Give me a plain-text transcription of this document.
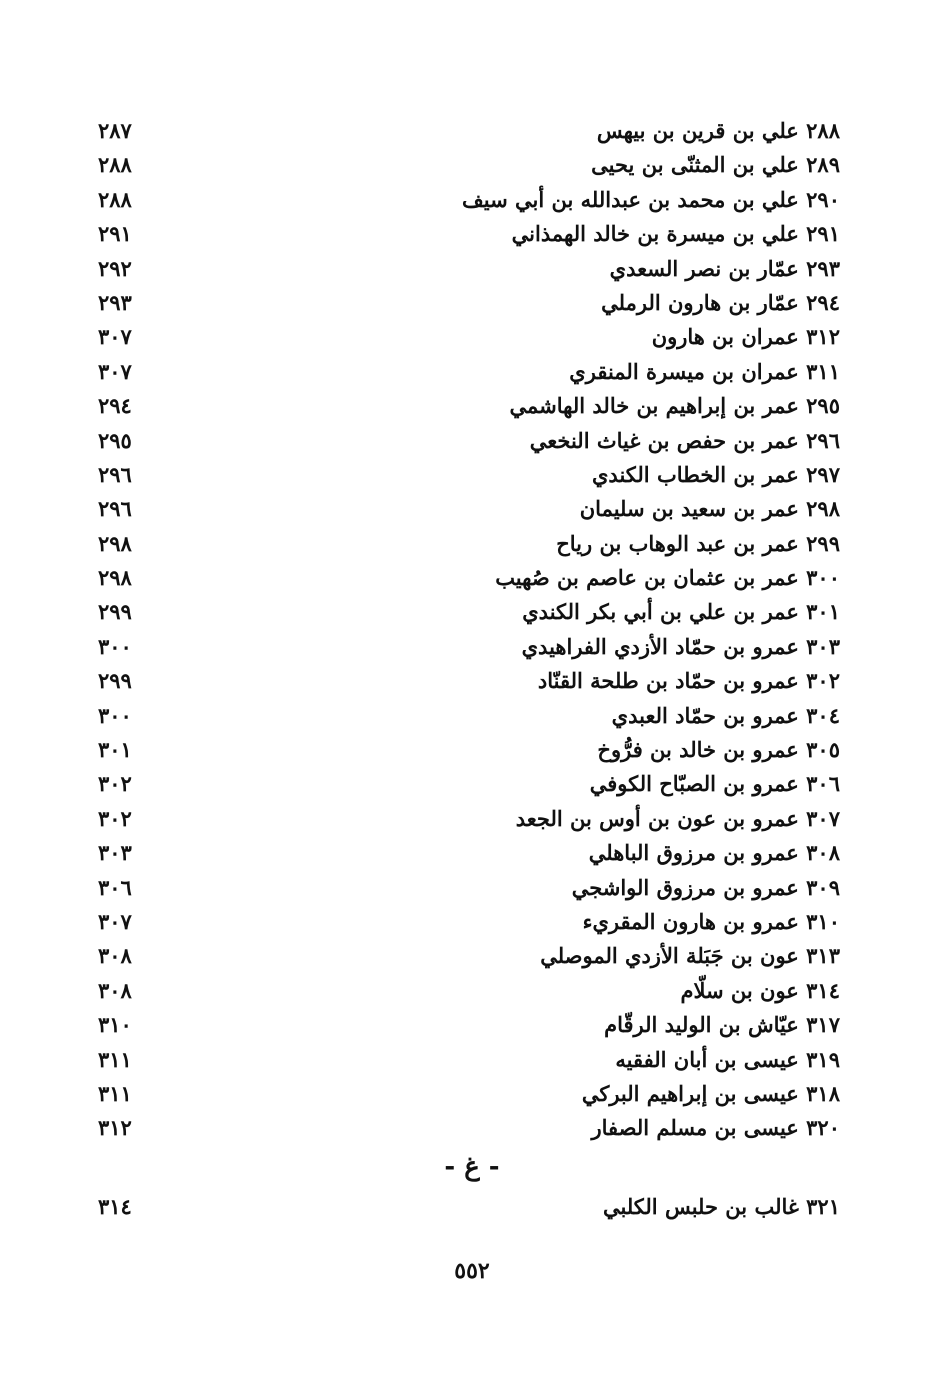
٢٨٨ علي بن قرين بن بيهس
٢٨٧
٢٨٩ علي بن المثنّى بن يحيى
٢٨٨
٢٩٠ علي بن محمد بن عبدالله بن أبي سيف
٢٨٨
٢٩١ علي بن ميسرة بن خالد الهمذاني
٢٩١
٢٩٣ عمّار بن نصر السعدي
٢٩٢
٢٩٤ عمّار بن هارون الرملي
٢٩٣
٣١٢ عمران بن هارون
٣٠٧
٣١١ عمران بن ميسرة المنقري
٣٠٧
٢٩٥ عمر بن إبراهيم بن خالد الهاشمي
٢٩٤
٢٩٦ عمر بن حفص بن غياث النخعي
٢٩٥
٢٩٧ عمر بن الخطاب الكندي
٢٩٦
٢٩٨ عمر بن سعيد بن سليمان
٢٩٦
٢٩٩ عمر بن عبد الوهاب بن رياح
٢٩٨
٣٠٠ عمر بن عثمان بن عاصم بن صُهيب
٢٩٨
٣٠١ عمر بن علي بن أبي بكر الكندي
٢٩٩
٣٠٣ عمرو بن حمّاد الأزدي الفراهيدي
٣٠٠
٣٠٢ عمرو بن حمّاد بن طلحة القنّاد
٢٩٩
٣٠٤ عمرو بن حمّاد العبدي
٣٠٠
٣٠٥ عمرو بن خالد بن فرُّوخ
٣٠١
٣٠٦ عمرو بن الصبّاح الكوفي
٣٠٢
٣٠٧ عمرو بن عون بن أوس بن الجعد
٣٠٢
٣٠٨ عمرو بن مرزوق الباهلي
٣٠٣
٣٠٩ عمرو بن مرزوق الواشجي
٣٠٦
٣١٠ عمرو بن هارون المقريء
٣٠٧
٣١٣ عون بن جَبَلة الأزدي الموصلي
٣٠٨
٣١٤ عون بن سلّام
٣٠٨
٣١٧ عيّاش بن الوليد الرقّام
٣١٠
٣١٩ عيسى بن أبان الفقيه
٣١١
٣١٨ عيسى بن إبراهيم البركي
٣١١
٣٢٠ عيسى بن مسلم الصفار
٣١٢
- غ -
٣٢١ غالب بن حلبس الكلبي
٣١٤
٥٥٢
